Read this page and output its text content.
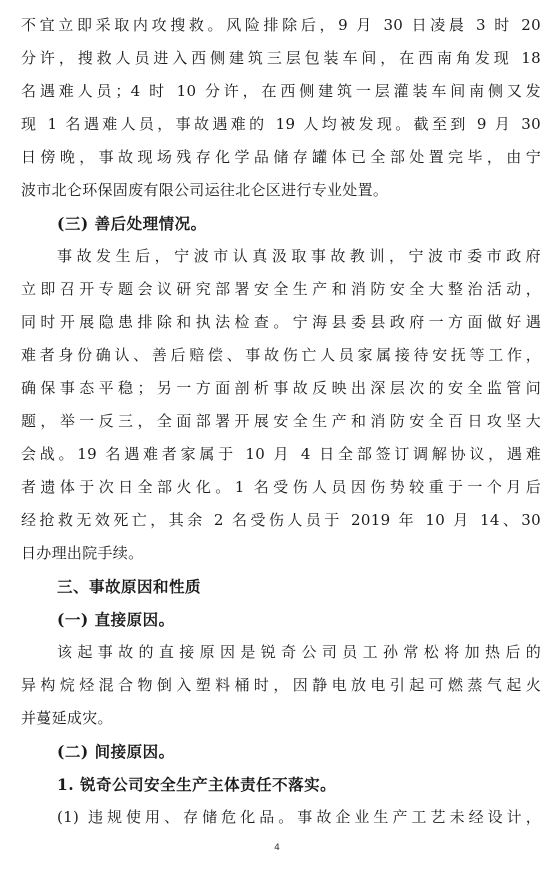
不宜立即采取内攻搜救。风险排除后，9 月 30 日凌晨 3 时 20
分许，搜救人员进入西侧建筑三层包装车间，在西南角发现 18
名遇难人员；4 时 10 分许，在西侧建筑一层灌装车间南侧又发
现 1 名遇难人员，事故遇难的 19 人均被发现。截至到 9 月 30
日傍晚，事故现场残存化学品储存罐体已全部处置完毕，由宁
波市北仑环保固废有限公司运往北仑区进行专业处置。
(三) 善后处理情况。
事故发生后，宁波市认真汲取事故教训，宁波市委市政府
立即召开专题会议研究部署安全生产和消防安全大整治活动，
同时开展隐患排除和执法检查。宁海县委县政府一方面做好遇
难者身份确认、善后赔偿、事故伤亡人员家属接待安抚等工作，
确保事态平稳；另一方面剖析事故反映出深层次的安全监管问
题，举一反三，全面部署开展安全生产和消防安全百日攻坚大
会战。19 名遇难者家属于 10 月 4 日全部签订调解协议，遇难
者遗体于次日全部火化。1 名受伤人员因伤势较重于一个月后
经抢救无效死亡，其余 2 名受伤人员于 2019 年 10 月 14、30
日办理出院手续。
三、事故原因和性质
(一) 直接原因。
该起事故的直接原因是锐奇公司员工孙常松将加热后的
异构烷烃混合物倒入塑料桶时，因静电放电引起可燃蒸气起火
并蔓延成灾。
(二) 间接原因。
1. 锐奇公司安全生产主体责任不落实。
(1) 违规使用、存储危化品。事故企业生产工艺未经设计，
4
